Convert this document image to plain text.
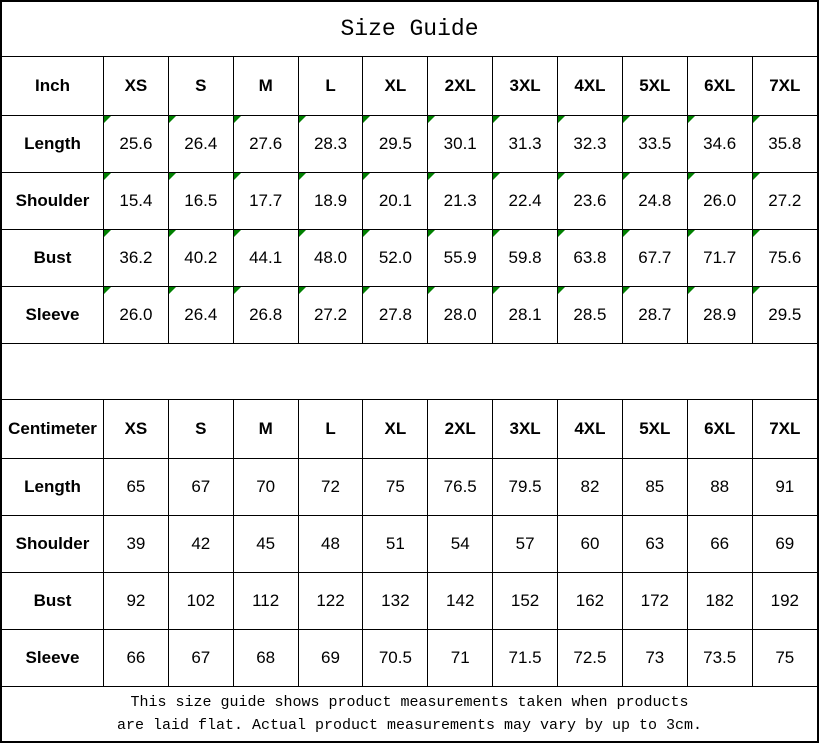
Size Guide
Inch	XS	S	M	L	XL	2XL	3XL	4XL	5XL	6XL	7XL
Length	25.6	26.4	27.6	28.3	29.5	30.1	31.3	32.3	33.5	34.6	35.8

Shoulder	15.4	16.5	17.7	18.9	20.1	21.3	22.4	23.6	24.8	26.0	27.2

Bust	36.2	40.2	44.1	48.0	52.0	55.9	59.8	63.8	67.7	71.7	75.6

Sleeve	26.0	26.4	26.8	27.2	27.8	28.0	28.1	28.5	28.7	28.9	29.5
Centimeter	XS	S	M	L	XL	2XL	3XL	4XL	5XL	6XL	7XL
Length	65	67	70	72	75	76.5	79.5	82	85	88	91
Shoulder	39	42	45	48	51	54	57	60	63	66	69
Bust	92	102	112	122	132	142	152	162	172	182	192
Sleeve	66	67	68	69	70.5	71	71.5	72.5	73	73.5	75
This size guide shows product measurements taken when products
are laid flat. Actual product measurements may vary by up to 3cm.
